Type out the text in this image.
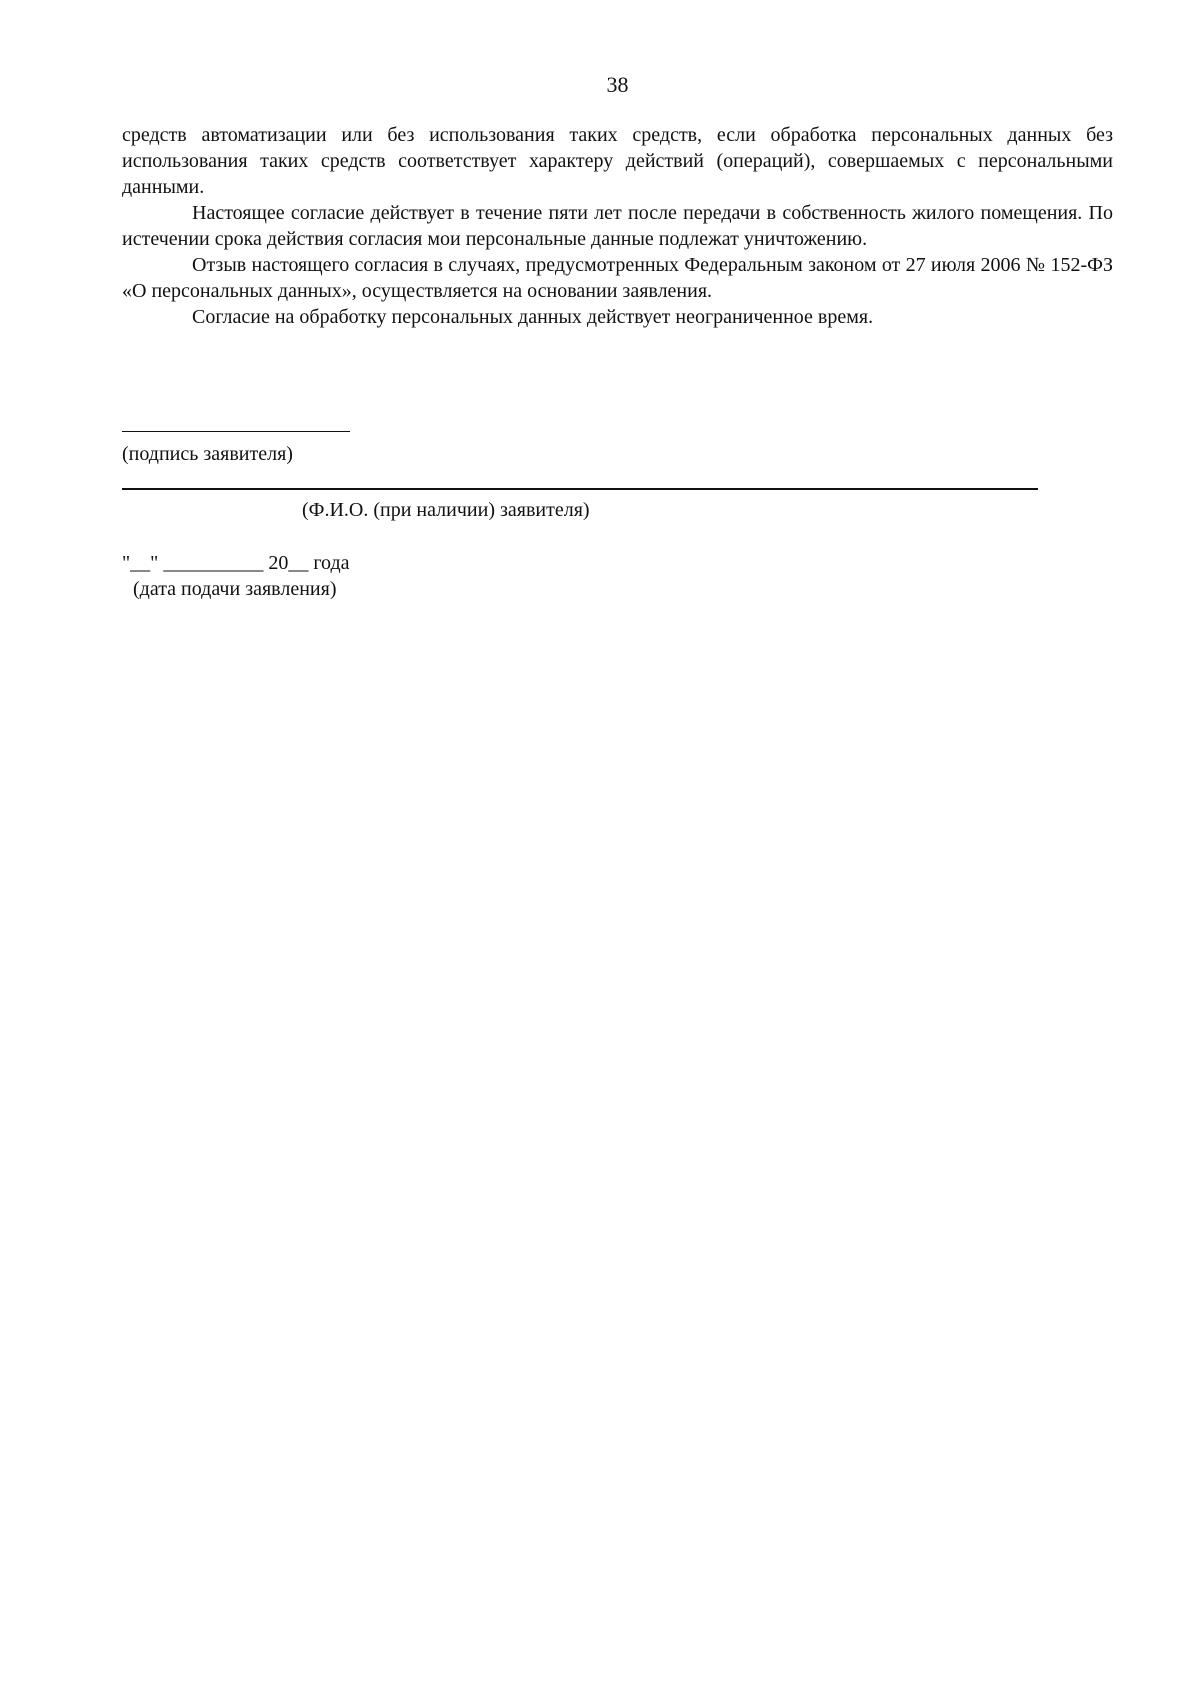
38

средств автоматизации или без использования таких средств, если обработка персональных данных без использования таких средств соответствует характеру действий (операций), совершаемых с персональными данными.

Настоящее согласие действует в течение пяти лет после передачи в собственность жилого помещения. По истечении срока действия согласия мои персональные данные подлежат уничтожению.

Отзыв настоящего согласия в случаях, предусмотренных Федеральным законом от 27 июля 2006 № 152-ФЗ «О персональных данных», осуществляется на основании заявления.

Согласие на обработку персональных данных действует неограниченное время.

(подпись заявителя)
(Ф.И.О. (при наличии) заявителя)
"__" __________ 20__ года
(дата подачи заявления)
